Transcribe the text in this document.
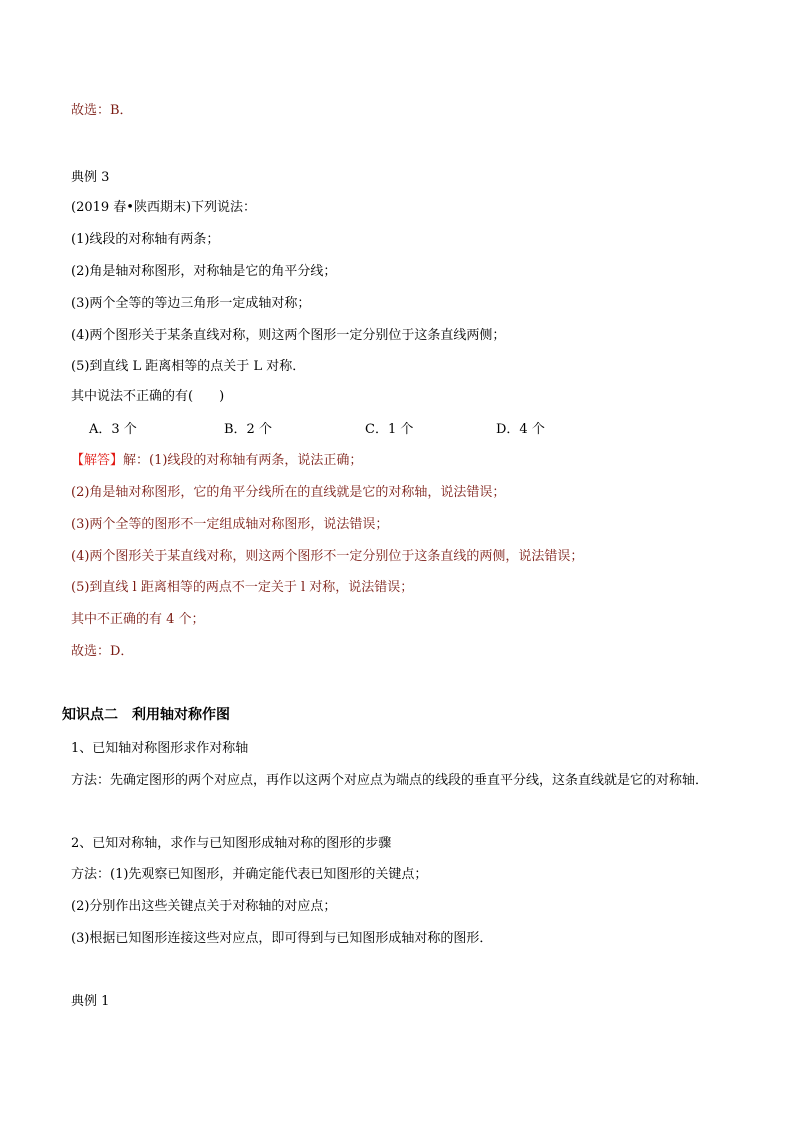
故选：B．
典例 3
(2019 春•陕西期末)下列说法：
(1)线段的对称轴有两条；
(2)角是轴对称图形，对称轴是它的角平分线；
(3)两个全等的等边三角形一定成轴对称；
(4)两个图形关于某条直线对称，则这两个图形一定分别位于这条直线两侧；
(5)到直线 L 距离相等的点关于 L 对称．
其中说法不正确的有(　　)
A．3 个	B．2 个	C．1 个	D．4 个
【解答】解：(1)线段的对称轴有两条，说法正确；
(2)角是轴对称图形，它的角平分线所在的直线就是它的对称轴，说法错误；
(3)两个全等的图形不一定组成轴对称图形，说法错误；
(4)两个图形关于某直线对称，则这两个图形不一定分别位于这条直线的两侧，说法错误；
(5)到直线 l 距离相等的两点不一定关于 l 对称，说法错误；
其中不正确的有 4 个；
故选：D．
知识点二　利用轴对称作图
1、已知轴对称图形求作对称轴
方法：先确定图形的两个对应点，再作以这两个对应点为端点的线段的垂直平分线，这条直线就是它的对称轴．
2、已知对称轴，求作与已知图形成轴对称的图形的步骤
方法：(1)先观察已知图形，并确定能代表已知图形的关键点；
(2)分别作出这些关键点关于对称轴的对应点；
(3)根据已知图形连接这些对应点，即可得到与已知图形成轴对称的图形．
典例 1
